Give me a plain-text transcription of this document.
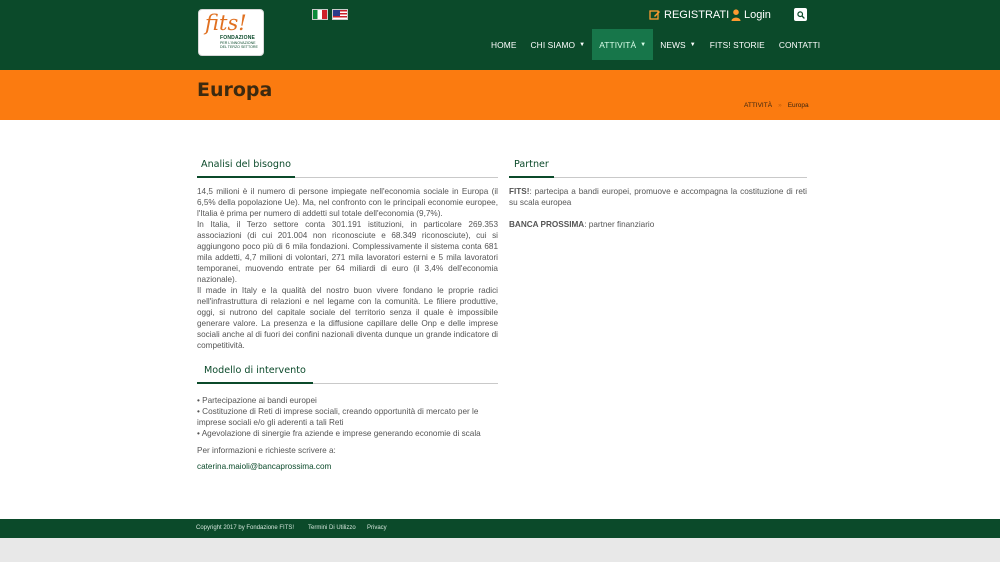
fits!
FONDAZIONE
PER L'INNOVAZIONE DEL TERZO SETTORE
REGISTRATI Login
HOME CHI SIAMO ▼ ATTIVITÀ ▼ NEWS ▼ FITS! STORIE CONTATTI
Europa
ATTIVITÀ » Europa
Analisi del bisogno

14,5 milioni è il numero di persone impiegate nell'economia sociale in Europa (il 6,5% della popolazione Ue). Ma, nel confronto con le principali economie europee, l'Italia è prima per numero di addetti sul totale dell'economia (9,7%).

In Italia, il Terzo settore conta 301.191 istituzioni, in particolare 269.353 associazioni (di cui 201.004 non riconosciute e 68.349 riconosciute), cui si aggiungono poco più di 6 mila fondazioni. Complessivamente il sistema conta 681 mila addetti, 4,7 milioni di volontari, 271 mila lavoratori esterni e 5 mila lavoratori temporanei, muovendo entrate per 64 miliardi di euro (il 3,4% dell'economia nazionale).

Il made in Italy e la qualità del nostro buon vivere fondano le proprie radici nell'infrastruttura di relazioni e nel legame con la comunità. Le filiere produttive, oggi, si nutrono del capitale sociale del territorio senza il quale è impossibile generare valore. La presenza e la diffusione capillare delle Onp e delle imprese sociali anche al di fuori dei confini nazionali diventa dunque un grande indicatore di competitività.

Modello di intervento
• Partecipazione ai bandi europei
• Costituzione di Reti di imprese sociali, creando opportunità di mercato per le imprese sociali e/o gli aderenti a tali Reti
• Agevolazione di sinergie fra aziende e imprese generando economie di scala

Per informazioni e richieste scrivere a:

caterina.maioli@bancaprossima.com
Partner

FITS!: partecipa a bandi europei, promuove e accompagna la costituzione di reti su scala europea

BANCA PROSSIMA: partner finanziario

Copyright 2017 by Fondazione FITS! Termini Di Utilizzo Privacy
